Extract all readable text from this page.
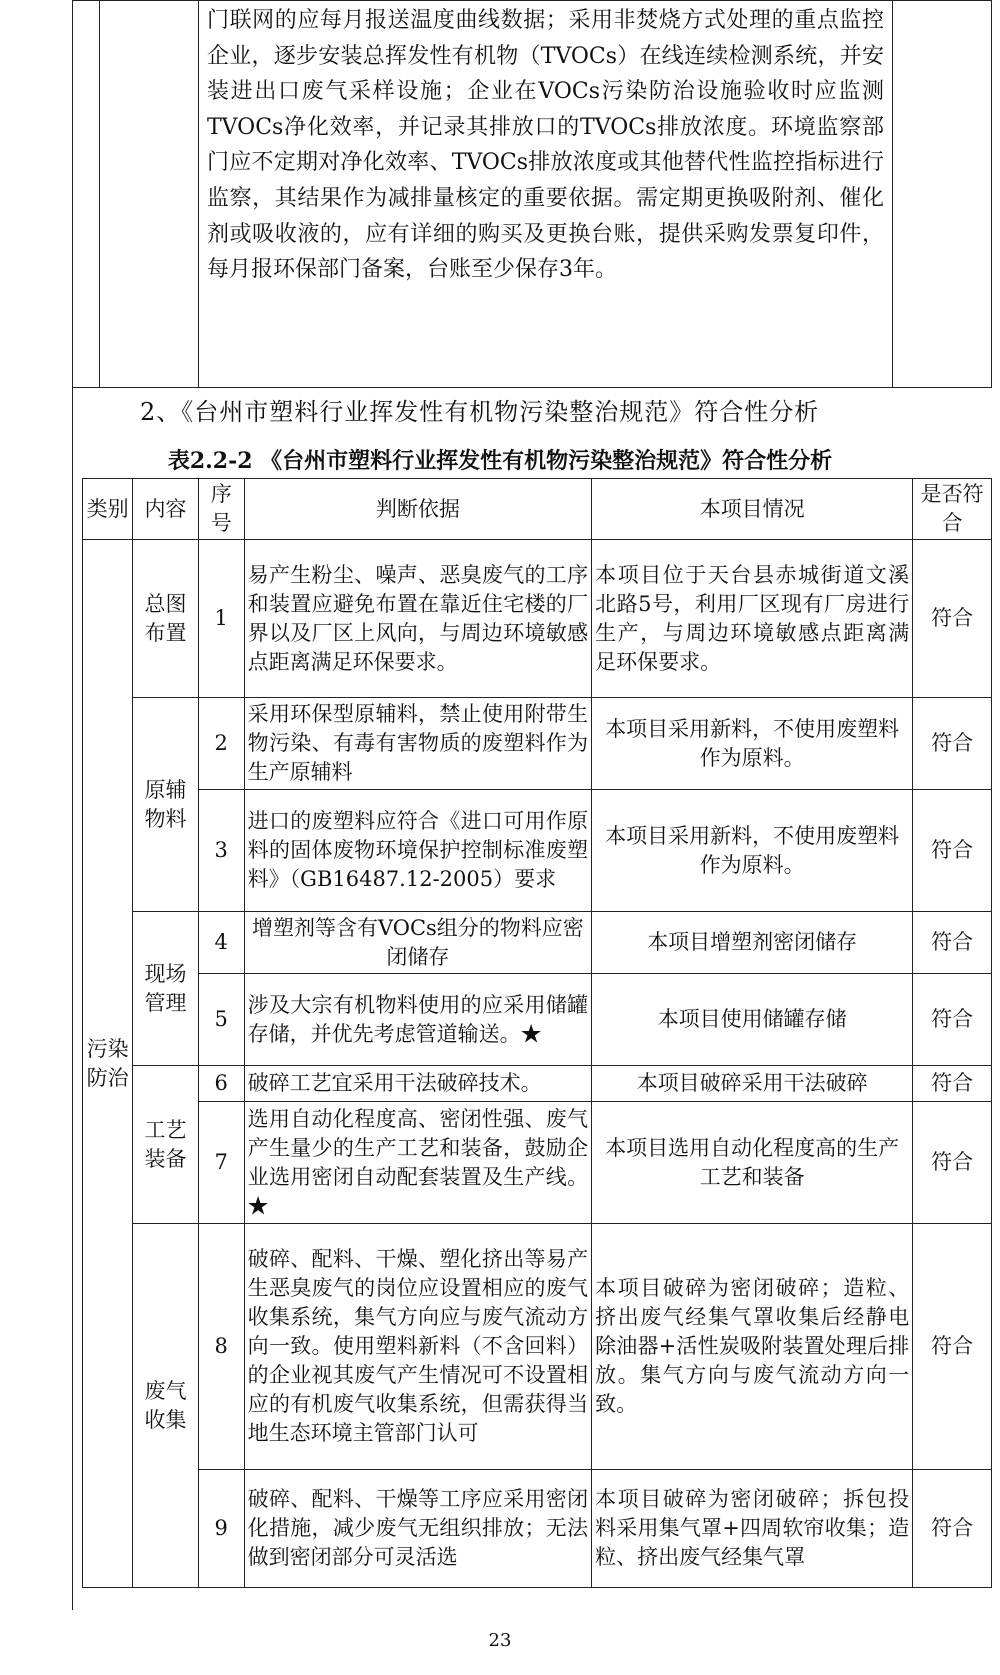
门联网的应每月报送温度曲线数据；采用非焚烧方式处理的重点监控企业，逐步安装总挥发性有机物（TVOCs）在线连续检测系统，并安装进出口废气采样设施；企业在VOCs污染防治设施验收时应监测TVOCs净化效率，并记录其排放口的TVOCs排放浓度。环境监察部门应不定期对净化效率、TVOCs排放浓度或其他替代性监控指标进行监察，其结果作为减排量核定的重要依据。需定期更换吸附剂、催化剂或吸收液的，应有详细的购买及更换台账，提供采购发票复印件，每月报环保部门备案，台账至少保存3年。

2、《台州市塑料行业挥发性有机物污染整治规范》符合性分析
表2.2-2 《台州市塑料行业挥发性有机物污染整治规范》符合性分析
类别	内容	序号	判断依据	本项目情况	是否符合
污染防治	总图布置	1	易产生粉尘、噪声、恶臭废气的工序和装置应避免布置在靠近住宅楼的厂界以及厂区上风向，与周边环境敏感点距离满足环保要求。	本项目位于天台县赤城街道文溪北路5号，利用厂区现有厂房进行生产，与周边环境敏感点距离满足环保要求。	符合
	原辅物料	2	采用环保型原辅料，禁止使用附带生物污染、有毒有害物质的废塑料作为生产原辅料	本项目采用新料，不使用废塑料作为原料。	符合
		3	进口的废塑料应符合《进口可用作原料的固体废物环境保护控制标准废塑料》（GB16487.12-2005）要求	本项目采用新料，不使用废塑料作为原料。	符合
	现场管理	4	增塑剂等含有VOCs组分的物料应密闭储存	本项目增塑剂密闭储存	符合
		5	涉及大宗有机物料使用的应采用储罐存储，并优先考虑管道输送。★	本项目使用储罐存储	符合
	工艺装备	6	破碎工艺宜采用干法破碎技术。	本项目破碎采用干法破碎	符合
		7	选用自动化程度高、密闭性强、废气产生量少的生产工艺和装备，鼓励企业选用密闭自动配套装置及生产线。★	本项目选用自动化程度高的生产工艺和装备	符合
	废气收集	8	破碎、配料、干燥、塑化挤出等易产生恶臭废气的岗位应设置相应的废气收集系统，集气方向应与废气流动方向一致。使用塑料新料（不含回料）的企业视其废气产生情况可不设置相应的有机废气收集系统，但需获得当地生态环境主管部门认可	本项目破碎为密闭破碎；造粒、挤出废气经集气罩收集后经静电除油器+活性炭吸附装置处理后排放。集气方向与废气流动方向一致。	符合
		9	破碎、配料、干燥等工序应采用密闭化措施，减少废气无组织排放；无法做到密闭部分可灵活选	本项目破碎为密闭破碎；拆包投料采用集气罩+四周软帘收集；造粒、挤出废气经集气罩	符合
23
